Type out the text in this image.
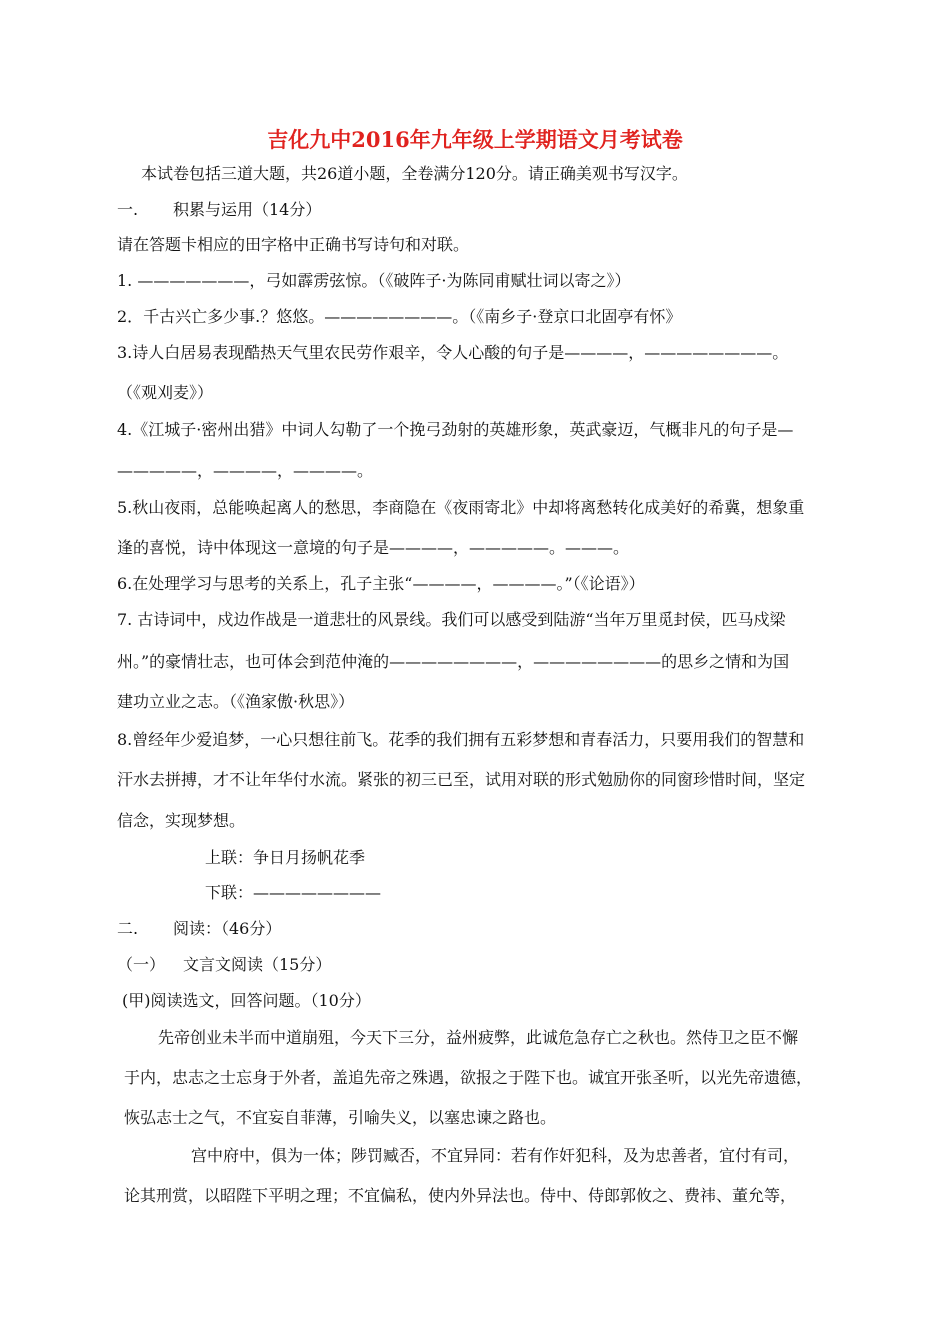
吉化九中2016年九年级上学期语文月考试卷
本试卷包括三道大题，共26道小题，全卷满分120分。请正确美观书写汉字。
一. 积累与运用（14分）
请在答题卡相应的田字格中正确书写诗句和对联。
1. ———————，弓如霹雳弦惊。（《破阵子·为陈同甫赋壮词以寄之》）
2．千古兴亡多少事.？悠悠。————————。（《南乡子·登京口北固亭有怀》
3.诗人白居易表现酷热天气里农民劳作艰辛，令人心酸的句子是————，————————。
（《观刈麦》）
4.《江城子·密州出猎》中词人勾勒了一个挽弓劲射的英雄形象，英武豪迈，气概非凡的句子是—
—————，————，————。
5.秋山夜雨，总能唤起离人的愁思，李商隐在《夜雨寄北》中却将离愁转化成美好的希冀，想象重
逢的喜悦，诗中体现这一意境的句子是————，—————。———。
6.在处理学习与思考的关系上，孔子主张“————，————。”（《论语》）
7. 古诗词中，戍边作战是一道悲壮的风景线。我们可以感受到陆游“当年万里觅封侯，匹马戍梁
州。”的豪情壮志，也可体会到范仲淹的————————，————————的思乡之情和为国
建功立业之志。（《渔家傲·秋思》）
8.曾经年少爱追梦，一心只想往前飞。花季的我们拥有五彩梦想和青春活力，只要用我们的智慧和
汗水去拼搏，才不让年华付水流。紧张的初三已至，试用对联的形式勉励你的同窗珍惜时间，坚定
信念，实现梦想。
上联：争日月扬帆花季
下联：————————
二. 阅读：（46分）
（一） 文言文阅读（15分）
(甲)阅读选文，回答问题。（10分）
先帝创业未半而中道崩殂，今天下三分，益州疲弊，此诚危急存亡之秋也。然侍卫之臣不懈
于内，忠志之士忘身于外者，盖追先帝之殊遇，欲报之于陛下也。诚宜开张圣听，以光先帝遗德，
恢弘志士之气，不宜妄自菲薄，引喻失义，以塞忠谏之路也。
宫中府中，俱为一体；陟罚臧否，不宜异同：若有作奸犯科，及为忠善者，宜付有司，
论其刑赏，以昭陛下平明之理；不宜偏私，使内外异法也。侍中、侍郎郭攸之、费祎、董允等，
